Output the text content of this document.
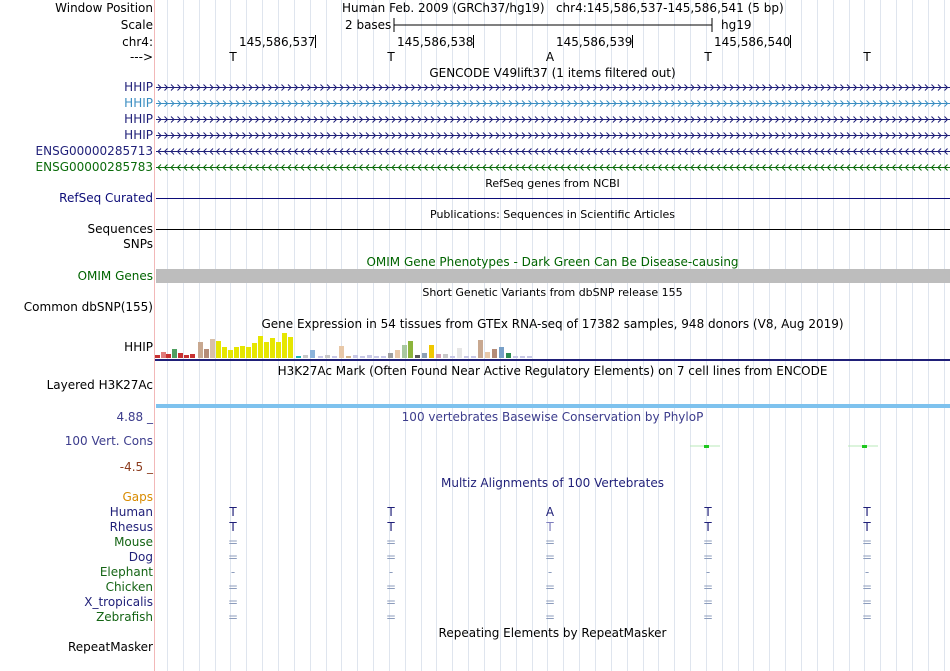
Window Position	Human Feb. 2009 (GRCh37/hg19)   chr4:145,586,537-145,586,541 (5 bp)
Scale	2 bases	hg19
chr4:	145,586,537	145,586,538	145,586,539	145,586,540
--->	T	T	A	T	T
GENCODE V49lift37 (1 items filtered out)
HHIP
HHIP
HHIP
HHIP
ENSG00000285713
ENSG00000285783
RefSeq genes from NCBI
RefSeq Curated
Publications: Sequences in Scientific Articles
Sequences
SNPs
OMIM Gene Phenotypes - Dark Green Can Be Disease-causing
OMIM Genes
Short Genetic Variants from dbSNP release 155
Common dbSNP(155)
Gene Expression in 54 tissues from GTEx RNA-seq of 17382 samples, 948 donors (V8, Aug 2019)
HHIP
H3K27Ac Mark (Often Found Near Active Regulatory Elements) on 7 cell lines from ENCODE
Layered H3K27Ac
100 vertebrates Basewise Conservation by PhyloP
4.88 _
100 Vert. Cons
-4.5 _
Multiz Alignments of 100 Vertebrates
Gaps
Human	T	T	A	T	T
Rhesus	T	T	T	T	T
Mouse	=	=	=	=	=
Dog	=	=	=	=	=
Elephant	-	-	-	-	-
Chicken	=	=	=	=	=
X_tropicalis	=	=	=	=	=
Zebrafish	=	=	=	=	=
Repeating Elements by RepeatMasker
RepeatMasker
